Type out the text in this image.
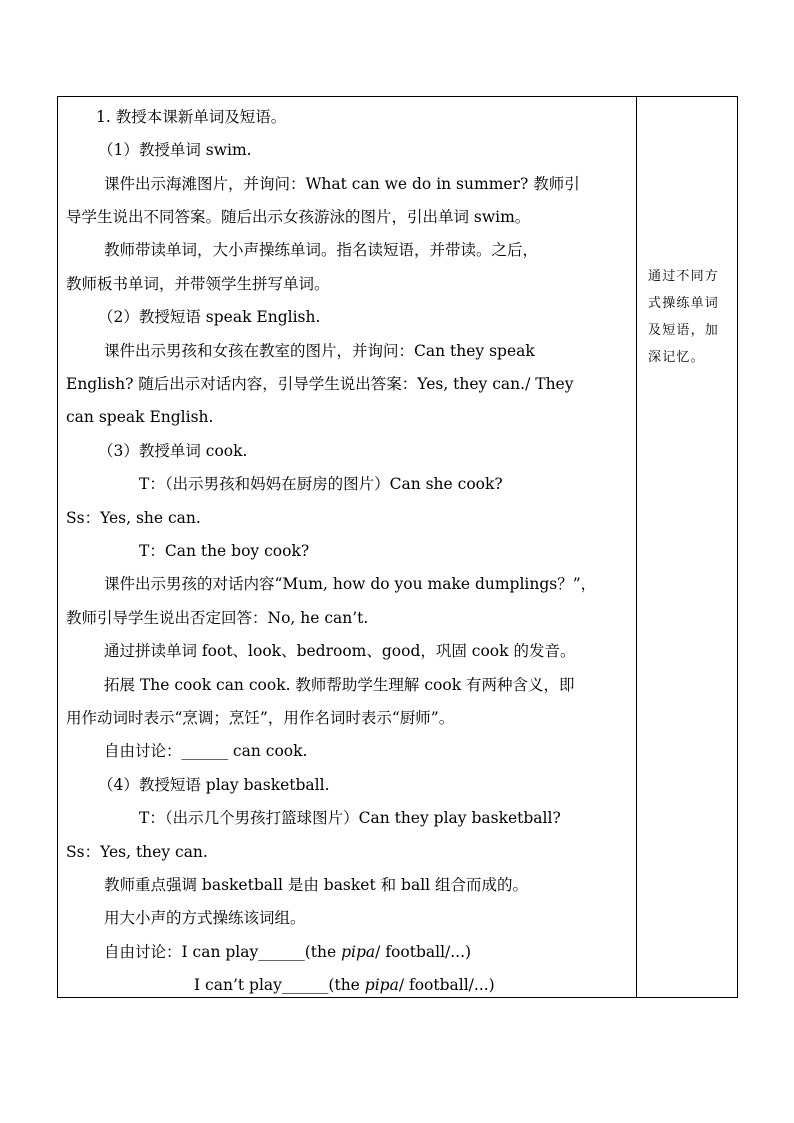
1. 教授本课新单词及短语。
（1）教授单词 swim.
课件出示海滩图片，并询问：What can we do in summer? 教师引
导学生说出不同答案。随后出示女孩游泳的图片，引出单词 swim。
教师带读单词，大小声操练单词。指名读短语，并带读。之后，
教师板书单词，并带领学生拼写单词。
（2）教授短语 speak English.
课件出示男孩和女孩在教室的图片，并询问：Can they speak
English? 随后出示对话内容，引导学生说出答案：Yes, they can./ They
can speak English.
（3）教授单词 cook.
T：（出示男孩和妈妈在厨房的图片）Can she cook?
Ss：Yes, she can.
T：Can the boy cook?
课件出示男孩的对话内容“Mum, how do you make dumplings？”，
教师引导学生说出否定回答：No, he can’t.
通过拼读单词 foot、look、bedroom、good，巩固 cook 的发音。
拓展 The cook can cook. 教师帮助学生理解 cook 有两种含义，即
用作动词时表示“烹调；烹饪”，用作名词时表示“厨师”。
自由讨论：______ can cook.
（4）教授短语 play basketball.
T：（出示几个男孩打篮球图片）Can they play basketball?
Ss：Yes, they can.
教师重点强调 basketball 是由 basket 和 ball 组合而成的。
用大小声的方式操练该词组。
自由讨论：I can play______(the pipa/ football/...)
I can’t play______(the pipa/ football/...)
通过不同方
式操练单词
及短语，加
深记忆。
